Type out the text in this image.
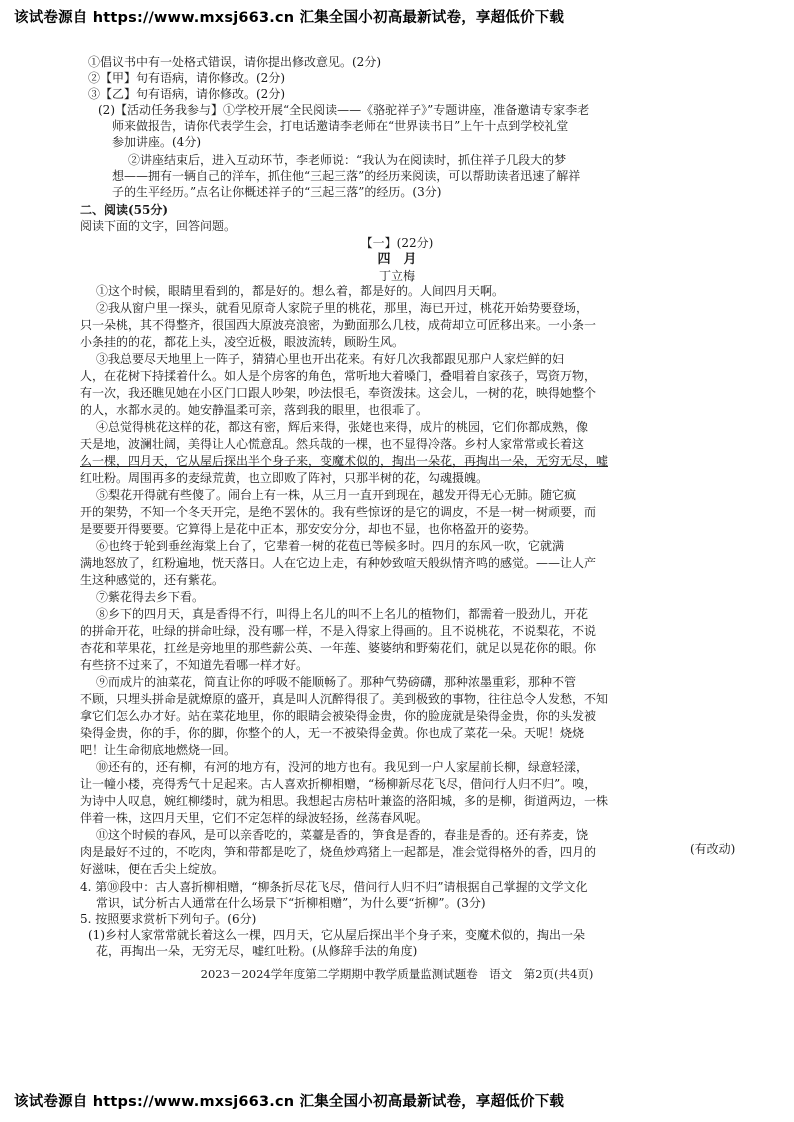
该试卷源自 https://www.mxsj663.cn 汇集全国小初高最新试卷，享超低价下载
①倡议书中有一处格式错误，请你提出修改意见。(2分)
②【甲】句有语病，请你修改。(2分)
③【乙】句有语病，请你修改。(2分)
(2)【活动任务我参与】①学校开展“全民阅读——《骆驼祥子》”专题讲座，准备邀请专家李老
师来做报告，请你代表学生会，打电话邀请李老师在“世界读书日”上午十点到学校礼堂
参加讲座。(4分)
②讲座结束后，进入互动环节，李老师说：“我认为在阅读时，抓住祥子几段大的梦
想——拥有一辆自己的洋车，抓住他“三起三落”的经历来阅读，可以帮助读者迅速了解祥
子的生平经历。”点名让你概述祥子的“三起三落”的经历。(3分)
二、阅读(55分)
阅读下面的文字，回答问题。
【一】(22分)
四　月
丁立梅
①这个时候，眼睛里看到的，都是好的。想么着，都是好的。人间四月天啊。
②我从窗户里一探头，就看见原奇人家院子里的桃花，那里，海已开过，桃花开始势要登场，
只一朵桃，其不得整齐，很国西大原波亮浪密，为勤面那么几枝，成荷却立可匠移出来。一小条一
小条挂的的花，都花上头，凌空近极，眼波流转，顾盼生风。
③我总要尽天地里上一阵子，猜猜心里也开出花来。有好几次我都跟见那户人家烂鲜的妇
人，在花树下持揉着什么。如人是个房客的角色，常听地大着嗓门，叠唱着自家孩子，骂资万物，
有一次，我还瞧见她在小区门口跟人吵架，吵法恨毛，奉资泼抹。这会儿，一树的花，映得她整个
的人，水都水灵的。她安静温柔可亲，落到我的眼里，也很乖了。
④总觉得桃花这样的花，都这有密，辉后来得，张姥也来得，成片的桃园，它们你都成熟，像
天是地，波澜壮阔，美得让人心慌意乱。然兵哉的一棵，也不显得冷落。乡村人家常常或长着这
么一棵，四月天，它从屋后探出半个身子来，变魔术似的，掏出一朵花，再掏出一朵，无穷无尽，嘘
红吐粉。周围再多的麦绿荒黄，也立即败了阵衬，只那半树的花，勾魂摄魄。
⑤梨花开得就有些傻了。闹台上有一株，从三月一直开到现在，越发开得无心无肺。随它疯
开的架势，不知一个冬天开完，是绝不罢休的。我有些惊讶的是它的调皮，不是一树一树顽要，而
是要要开得要要。它算得上是花中正本，那安安分分，却也不显，也你格盈开的姿势。
⑥也终于轮到垂丝海棠上台了，它辈着一树的花苞已等候多时。四月的东风一吹，它就满
满地怒放了，红粉遍地，恍天落日。人在它边上走，有种妙致喧天般纵情齐鸣的感觉。——让人产
生这种感觉的，还有紫花。
⑦紫花得去乡下看。
⑧乡下的四月天，真是香得不行，叫得上名儿的叫不上名儿的植物们，都需着一股劲儿，开花
的拼命开花，吐绿的拼命吐绿，没有哪一样，不是入得家上得画的。且不说桃花，不说梨花，不说
杏花和苹果花，扛丝是旁地里的那些薪公英、一年莲、婆婆纳和野菊花们，就足以晃花你的眼。你
有些挤不过来了，不知道先看哪一样才好。
⑨而成片的油菜花，简直让你的呼吸不能顺畅了。那种气势磅礴，那种浓墨重彩，那种不管
不顾，只埋头拼命是就燎原的盛开，真是叫人沉醉得很了。美到极致的事物，往往总令人发愁，不知
拿它们怎么办才好。站在菜花地里，你的眼睛会被染得金贵，你的脸庞就是染得金贵，你的头发被
染得金贵，你的手，你的脚，你整个的人，无一不被染得金黄。你也成了菜花一朵。天呢！烧烧
吧！让生命彻底地燃烧一回。
⑩还有的，还有柳，有河的地方有，没河的地方也有。我见到一户人家屋前长柳，绿意轻漾，
让一幢小楼，亮得秀气十足起来。古人喜欢折柳相赠，“杨柳新尽花飞尽，借问行人归不归”。嗅，
为诗中人叹息，婉红柳缕时，就为相思。我想起古房枯叶兼盗的洛阳城，多的是柳，街道两边，一株
伴着一株，这四月天里，它们不定怎样的绿波轻扬，丝荡春风呢。
⑪这个时候的春风，是可以亲香吃的，菜薹是香的，笋食是香的，春韭是香的。还有荞麦，饶
肉是最好不过的，不吃肉，笋和带都是吃了，烧鱼炒鸡猪上一起都是，准会觉得格外的香，四月的
好滋味，便在舌尖上绽放。
(有改动)
4. 第⑩段中：古人喜折柳相赠，“柳条折尽花飞尽，借问行人归不归”请根据自己掌握的文学文化
常识，试分析古人通常在什么场景下“折柳相赠”，为什么要“折柳”。(3分)
5. 按照要求赏析下列句子。(6分)
(1)乡村人家常常就长着这么一棵，四月天，它从屋后探出半个身子来，变魔术似的，掏出一朵
花，再掏出一朵，无穷无尽，嘘红吐粉。(从修辞手法的角度)
2023－2024学年度第二学期期中教学质量监测试题卷　语文　第2页(共4页)
该试卷源自 https://www.mxsj663.cn 汇集全国小初高最新试卷，享超低价下载
